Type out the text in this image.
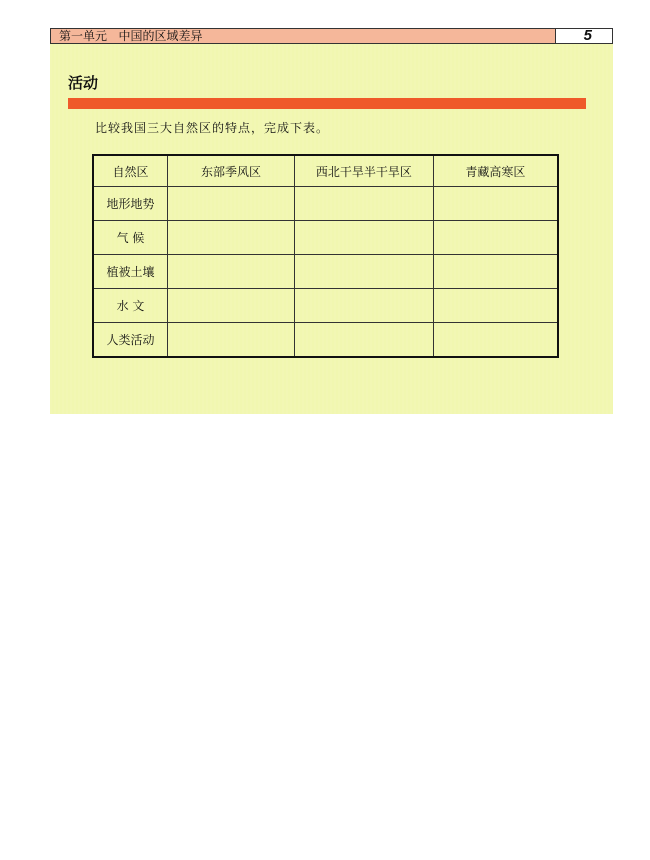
第一单元   中国的区域差异	5
活动
比较我国三大自然区的特点，完成下表。
自然区	东部季风区	西北干旱半干旱区	青藏高寒区
地形地势			
气 候			
植被土壤			
水 文			
人类活动			
